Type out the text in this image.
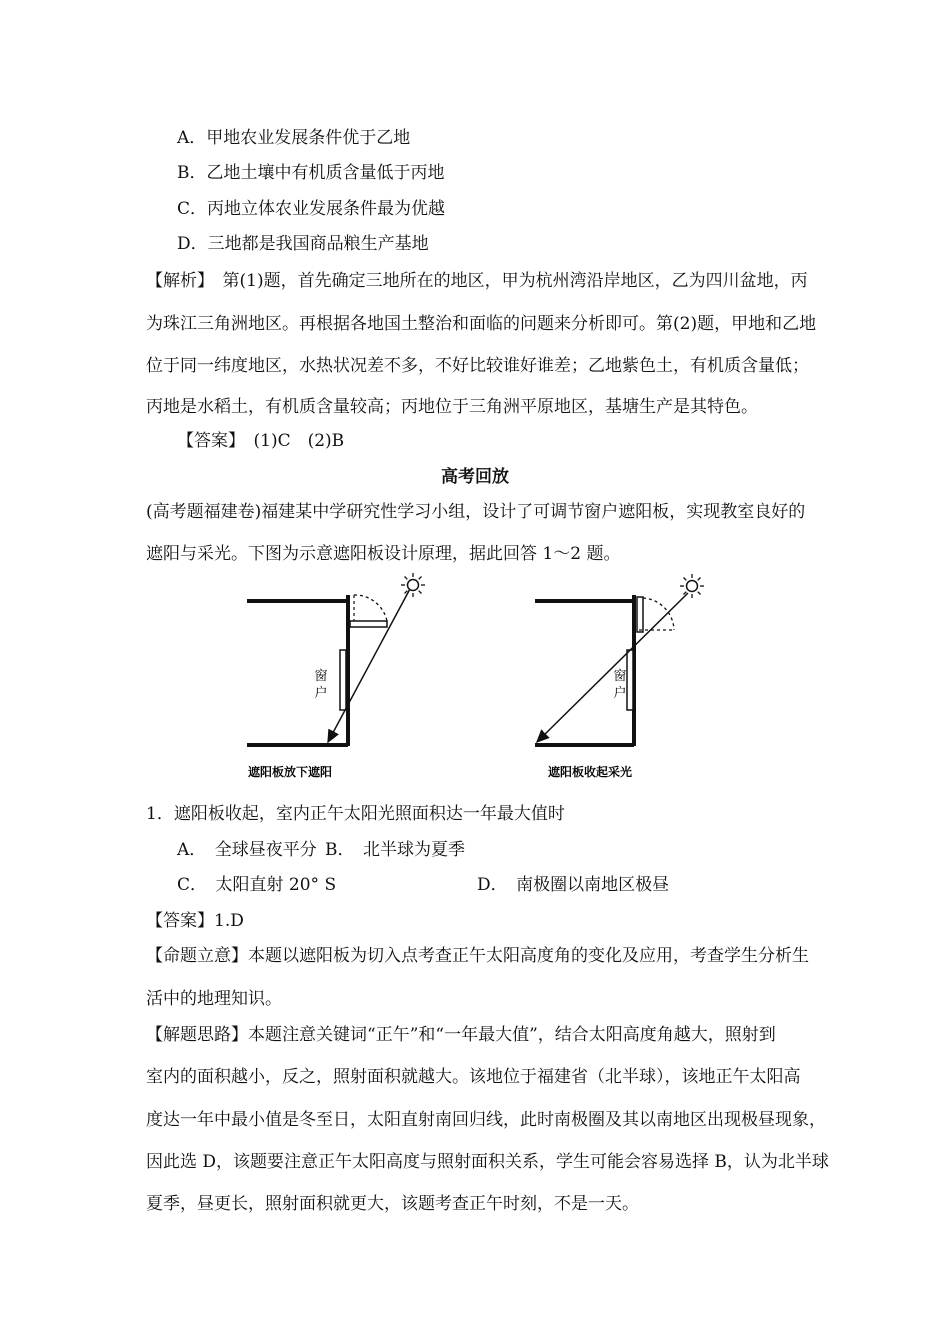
A．甲地农业发展条件优于乙地
B．乙地土壤中有机质含量低于丙地
C．丙地立体农业发展条件最为优越
D．三地都是我国商品粮生产基地
【解析】　第(1)题，首先确定三地所在的地区，甲为杭州湾沿岸地区，乙为四川盆地，丙
为珠江三角洲地区。再根据各地国土整治和面临的问题来分析即可。第(2)题，甲地和乙地
位于同一纬度地区，水热状况差不多，不好比较谁好谁差；乙地紫色土，有机质含量低；
丙地是水稻土，有机质含量较高；丙地位于三角洲平原地区，基塘生产是其特色。
【答案】　(1)C　(2)B
高考回放
(高考题福建卷)福建某中学研究性学习小组，设计了可调节窗户遮阳板，实现教室良好的
遮阳与采光。下图为示意遮阳板设计原理，据此回答 1～2 题。
窗
户
遮阳板放下遮阳
窗
户
遮阳板收起采光
1．遮阳板收起，室内正午太阳光照面积达一年最大值时
A．　全球昼夜平分 B．　北半球为夏季
C．　太阳直射 20° S	D．　南极圈以南地区极昼
【答案】1.D
【命题立意】本题以遮阳板为切入点考查正午太阳高度角的变化及应用，考查学生分析生
活中的地理知识。
【解题思路】本题注意关键词“正午”和“一年最大值”，结合太阳高度角越大，照射到
室内的面积越小，反之，照射面积就越大。该地位于福建省（北半球），该地正午太阳高
度达一年中最小值是冬至日，太阳直射南回归线，此时南极圈及其以南地区出现极昼现象，
因此选 D，该题要注意正午太阳高度与照射面积关系，学生可能会容易选择 B，认为北半球
夏季，昼更长，照射面积就更大，该题考查正午时刻，不是一天。
